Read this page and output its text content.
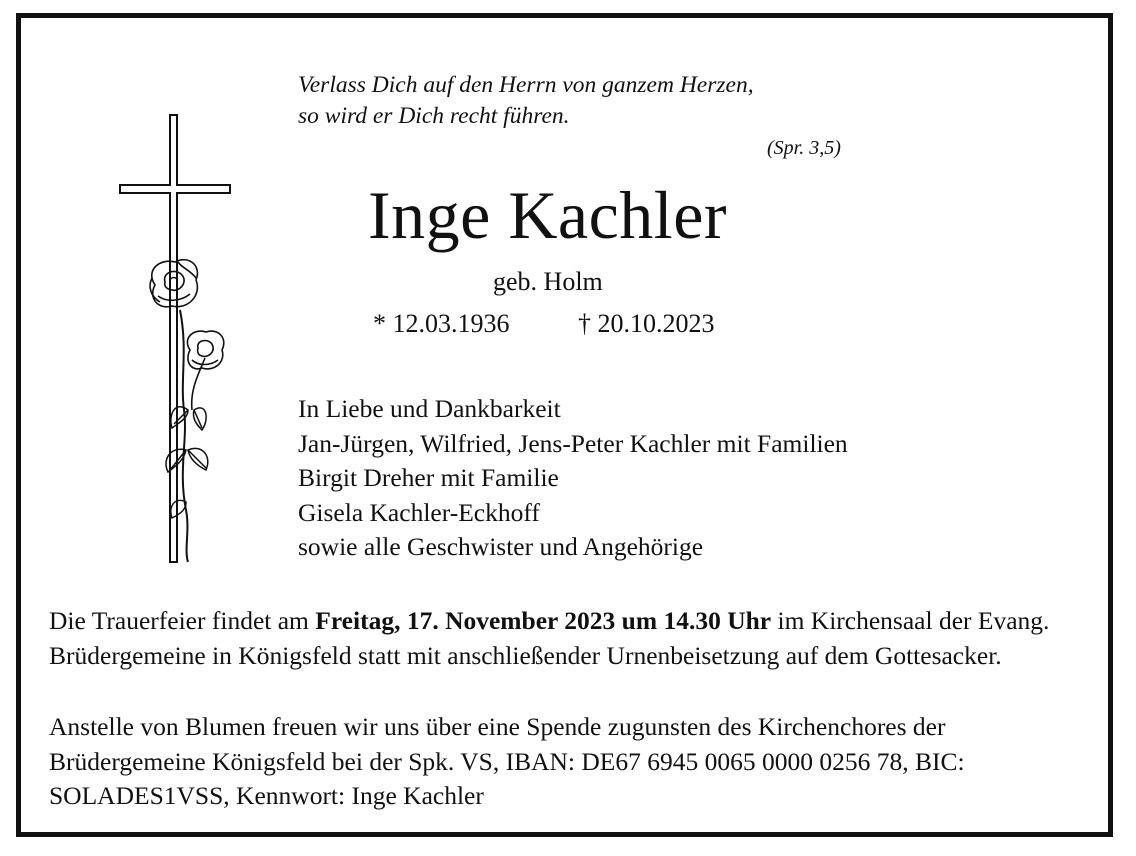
Verlass Dich auf den Herrn von ganzem Herzen,
so wird er Dich recht führen.
(Spr. 3,5)
Inge Kachler
geb. Holm
* 12.03.1936	† 20.10.2023
In Liebe und Dankbarkeit
Jan-Jürgen, Wilfried, Jens-Peter Kachler mit Familien
Birgit Dreher mit Familie
Gisela Kachler-Eckhoff
sowie alle Geschwister und Angehörige
Die Trauerfeier findet am Freitag, 17. November 2023 um 14.30 Uhr im Kirchensaal der Evang. Brüdergemeine in Königsfeld statt mit anschließender Urnenbeisetzung auf dem Gottesacker.
Anstelle von Blumen freuen wir uns über eine Spende zugunsten des Kirchenchores der Brüdergemeine Königsfeld bei der Spk. VS, IBAN: DE67 6945 0065 0000 0256 78, BIC: SOLADES1VSS, Kennwort: Inge Kachler
